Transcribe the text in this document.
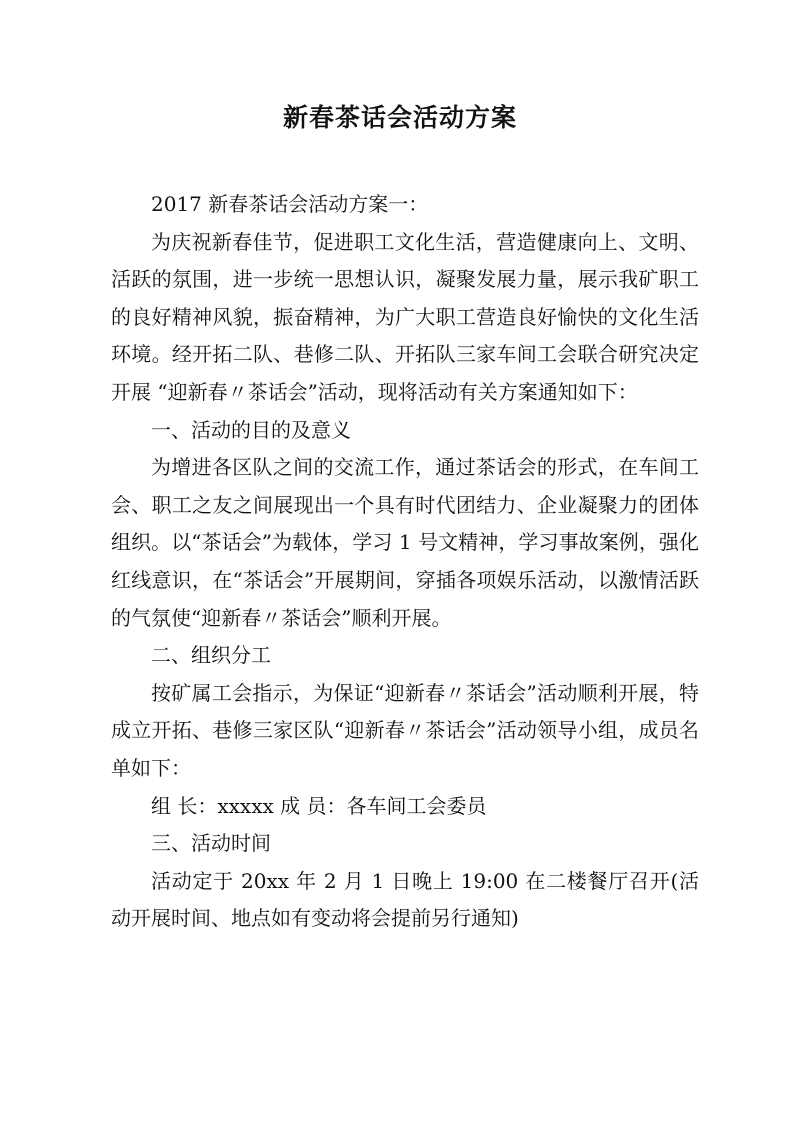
新春茶话会活动方案

2017 新春茶话会活动方案一：

为庆祝新春佳节，促进职工文化生活，营造健康向上、文明、活跃的氛围，进一步统一思想认识，凝聚发展力量，展示我矿职工的良好精神风貌，振奋精神，为广大职工营造良好愉快的文化生活环境。经开拓二队、巷修二队、开拓队三家车间工会联合研究决定开展 “迎新春〃茶话会”活动，现将活动有关方案通知如下：

一、活动的目的及意义

为增进各区队之间的交流工作，通过茶话会的形式，在车间工会、职工之友之间展现出一个具有时代团结力、企业凝聚力的团体组织。以“茶话会”为载体，学习 1 号文精神，学习事故案例，强化红线意识，在“茶话会”开展期间，穿插各项娱乐活动，以激情活跃的气氛使“迎新春〃茶话会”顺利开展。

二、组织分工

按矿属工会指示，为保证“迎新春〃茶话会”活动顺利开展，特成立开拓、巷修三家区队“迎新春〃茶话会”活动领导小组，成员名单如下：

组 长：xxxxx 成 员：各车间工会委员

三、活动时间

活动定于 20xx 年 2 月 1 日晚上 19:00 在二楼餐厅召开(活动开展时间、地点如有变动将会提前另行通知)
